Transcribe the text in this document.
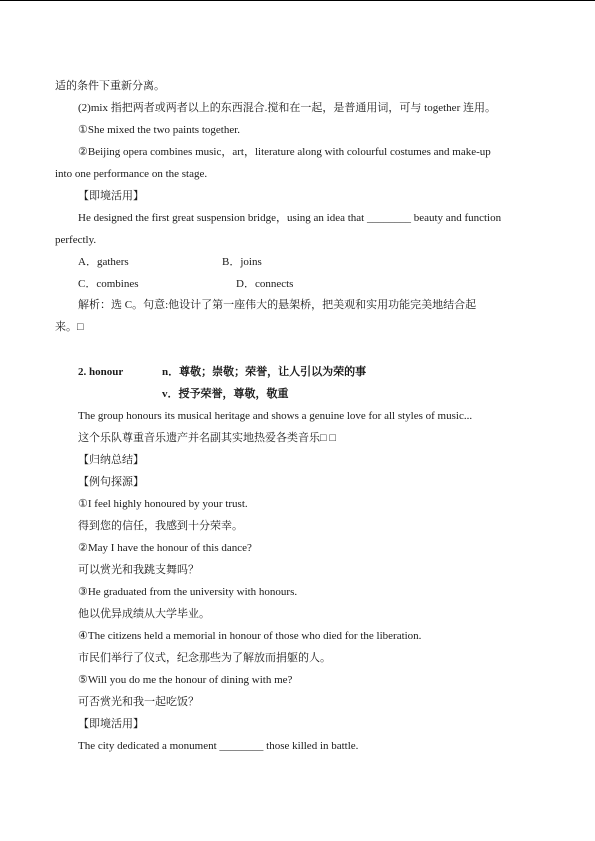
适的条件下重新分离。
(2)mix 指把两者或两者以上的东西混合.搅和在一起，是普通用词，可与 together 连用。
①She mixed the two paints together.
②Beijing opera combines music，art，literature along with colourful costumes and make-up
into one performance on the stage.
【即境活用】
He designed the first great suspension bridge，using an idea that ________ beauty and function
perfectly.
A．gathers	B．joins
C．combines	D．connects
解析：选 C。句意:他设计了第一座伟大的悬架桥，把美观和实用功能完美地结合起
来。□
2. honour	n．尊敬；崇敬；荣誉，让人引以为荣的事
v．授予荣誉，尊敬，敬重
The group honours its musical heritage and shows a genuine love for all styles of music...
这个乐队尊重音乐遗产并名副其实地热爱各类音乐□ □
【归纳总结】
【例句探源】
①I feel highly honoured by your trust.
得到您的信任，我感到十分荣幸。
②May I have the honour of this dance?
可以赏光和我跳支舞吗？
③He graduated from the university with honours.
他以优异成绩从大学毕业。
④The citizens held a memorial in honour of those who died for the liberation.
市民们举行了仪式，纪念那些为了解放而捐躯的人。
⑤Will you do me the honour of dining with me?
可否赏光和我一起吃饭？
【即境活用】
The city dedicated a monument ________ those killed in battle.
